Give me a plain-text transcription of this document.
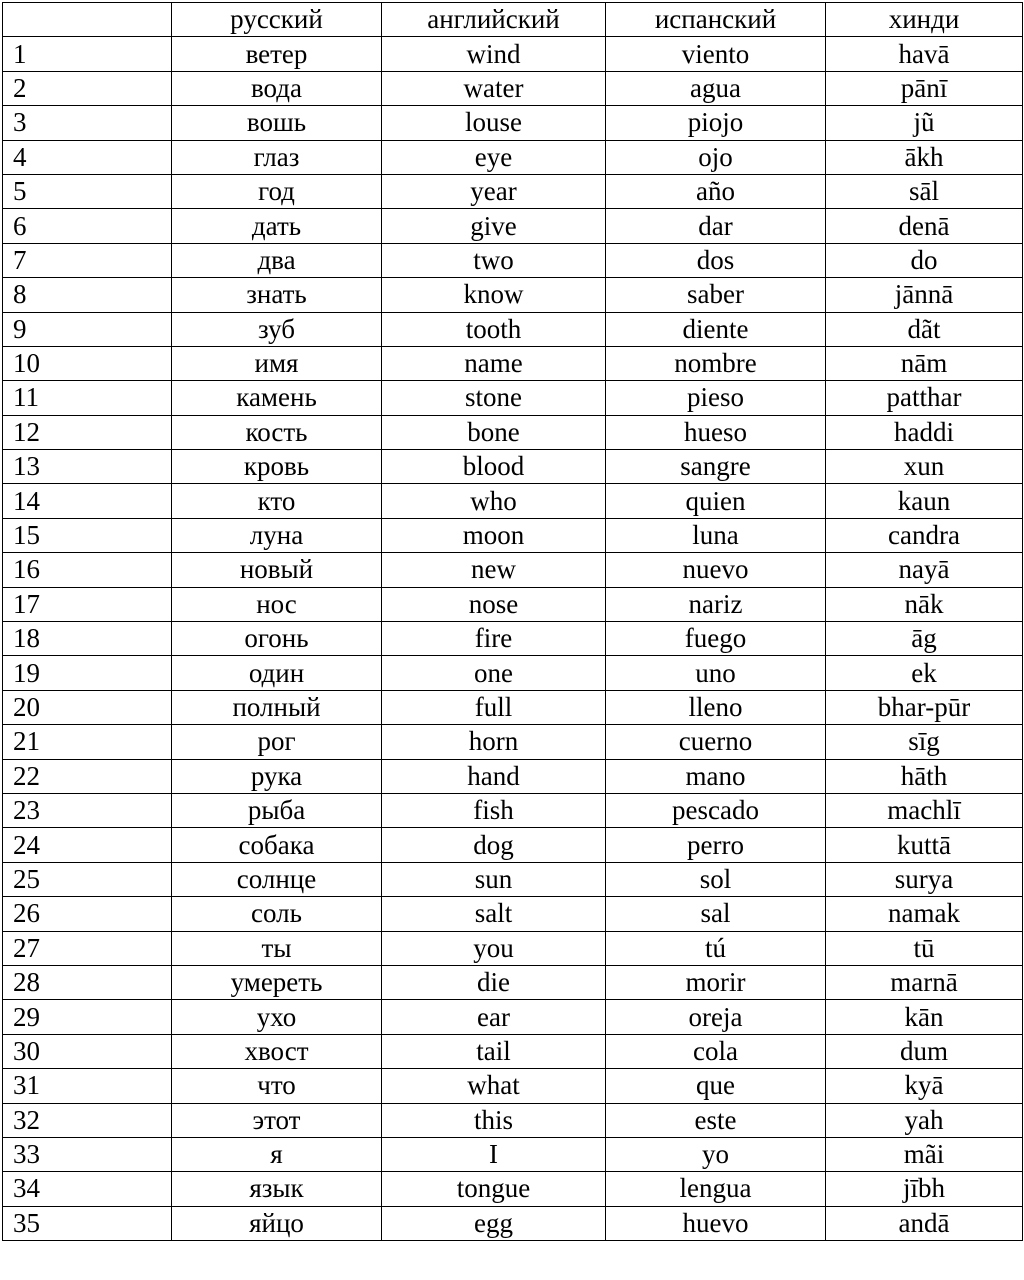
	русский	английский	испанский	хинди
1	ветер	wind	viento	havā
2	вода	water	agua	pānī
3	вошь	louse	piojo	jũ
4	глаз	eye	ojo	ākh
5	год	year	año	sāl
6	дать	give	dar	denā
7	два	two	dos	do
8	знать	know	saber	jānnā
9	зуб	tooth	diente	dãt
10	имя	name	nombre	nām
11	камень	stone	pieso	patthar
12	кость	bone	hueso	haddi
13	кровь	blood	sangre	xun
14	кто	who	quien	kaun
15	луна	moon	luna	candra
16	новый	new	nuevo	nayā
17	нос	nose	nariz	nāk
18	огонь	fire	fuego	āg
19	один	one	uno	ek
20	полный	full	lleno	bhar-pūr
21	рог	horn	cuerno	sīg
22	рука	hand	mano	hāth
23	рыба	fish	pescado	machlī
24	собака	dog	perro	kuttā
25	солнце	sun	sol	surya
26	соль	salt	sal	namak
27	ты	you	tú	tū
28	умереть	die	morir	marnā
29	ухо	ear	oreja	kān
30	хвост	tail	cola	dum
31	что	what	que	kyā
32	этот	this	este	yah
33	я	I	yo	mãi
34	язык	tongue	lengua	jībh
35	яйцо	egg	huevo	andā
